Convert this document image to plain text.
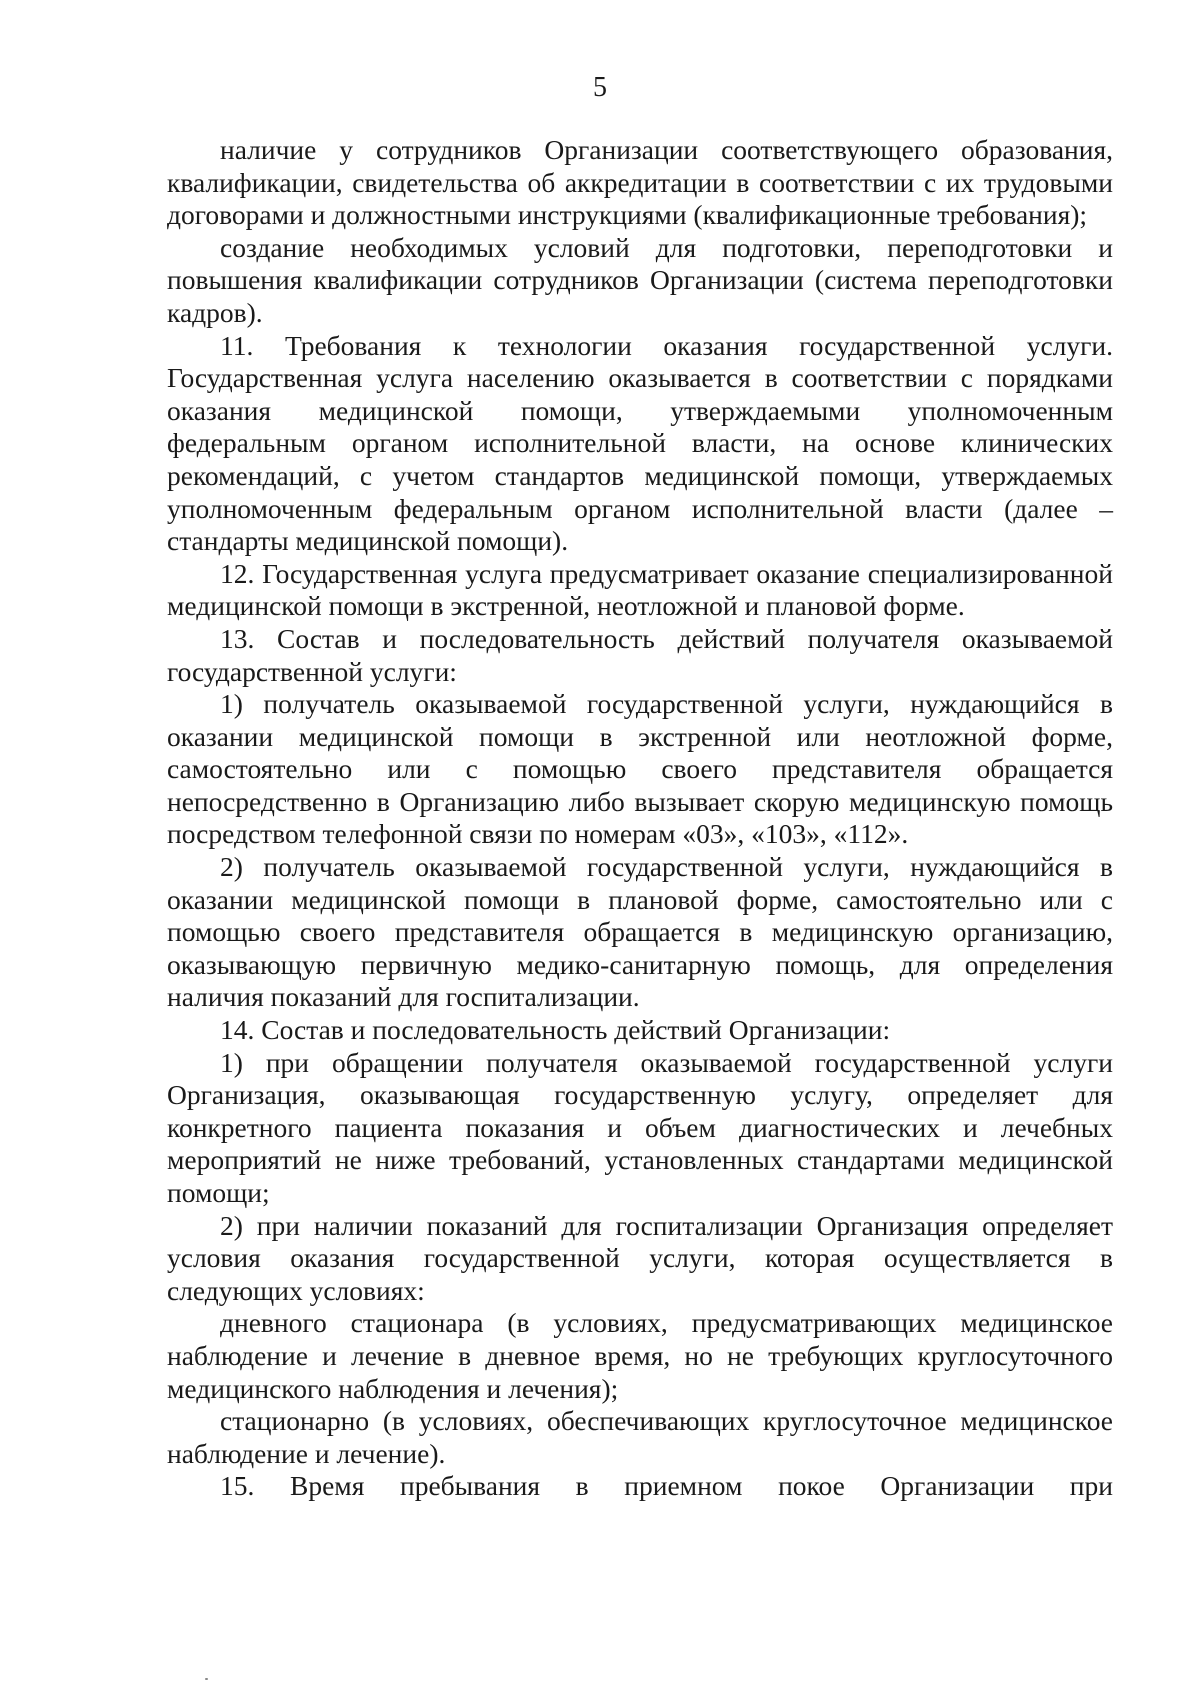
5

наличие у сотрудников Организации соответствующего образования, квалификации, свидетельства об аккредитации в соответствии с их трудовыми договорами и должностными инструкциями (квалификационные требования);

создание необходимых условий для подготовки, переподготовки и повышения квалификации сотрудников Организации (система переподготовки кадров).

11. Требования к технологии оказания государственной услуги. Государственная услуга населению оказывается в соответствии с порядками оказания медицинской помощи, утверждаемыми уполномоченным федеральным органом исполнительной власти, на основе клинических рекомендаций, с учетом стандартов медицинской помощи, утверждаемых уполномоченным федеральным органом исполнительной власти (далее – стандарты медицинской помощи).

12. Государственная услуга предусматривает оказание специализированной медицинской помощи в экстренной, неотложной и плановой форме.

13. Состав и последовательность действий получателя оказываемой государственной услуги:

1) получатель оказываемой государственной услуги, нуждающийся в оказании медицинской помощи в экстренной или неотложной форме, самостоятельно или с помощью своего представителя обращается непосредственно в Организацию либо вызывает скорую медицинскую помощь посредством телефонной связи по номерам «03», «103», «112».

2) получатель оказываемой государственной услуги, нуждающийся в оказании медицинской помощи в плановой форме, самостоятельно или с помощью своего представителя обращается в медицинскую организацию, оказывающую первичную медико-санитарную помощь, для определения наличия показаний для госпитализации.

14. Состав и последовательность действий Организации:

1) при обращении получателя оказываемой государственной услуги Организация, оказывающая государственную услугу, определяет для конкретного пациента показания и объем диагностических и лечебных мероприятий не ниже требований, установленных стандартами медицинской помощи;

2) при наличии показаний для госпитализации Организация определяет условия оказания государственной услуги, которая осуществляется в следующих условиях:

дневного стационара (в условиях, предусматривающих медицинское наблюдение и лечение в дневное время, но не требующих круглосуточного медицинского наблюдения и лечения);

стационарно (в условиях, обеспечивающих круглосуточное медицинское наблюдение и лечение).

15. Время пребывания в приемном покое Организации при
